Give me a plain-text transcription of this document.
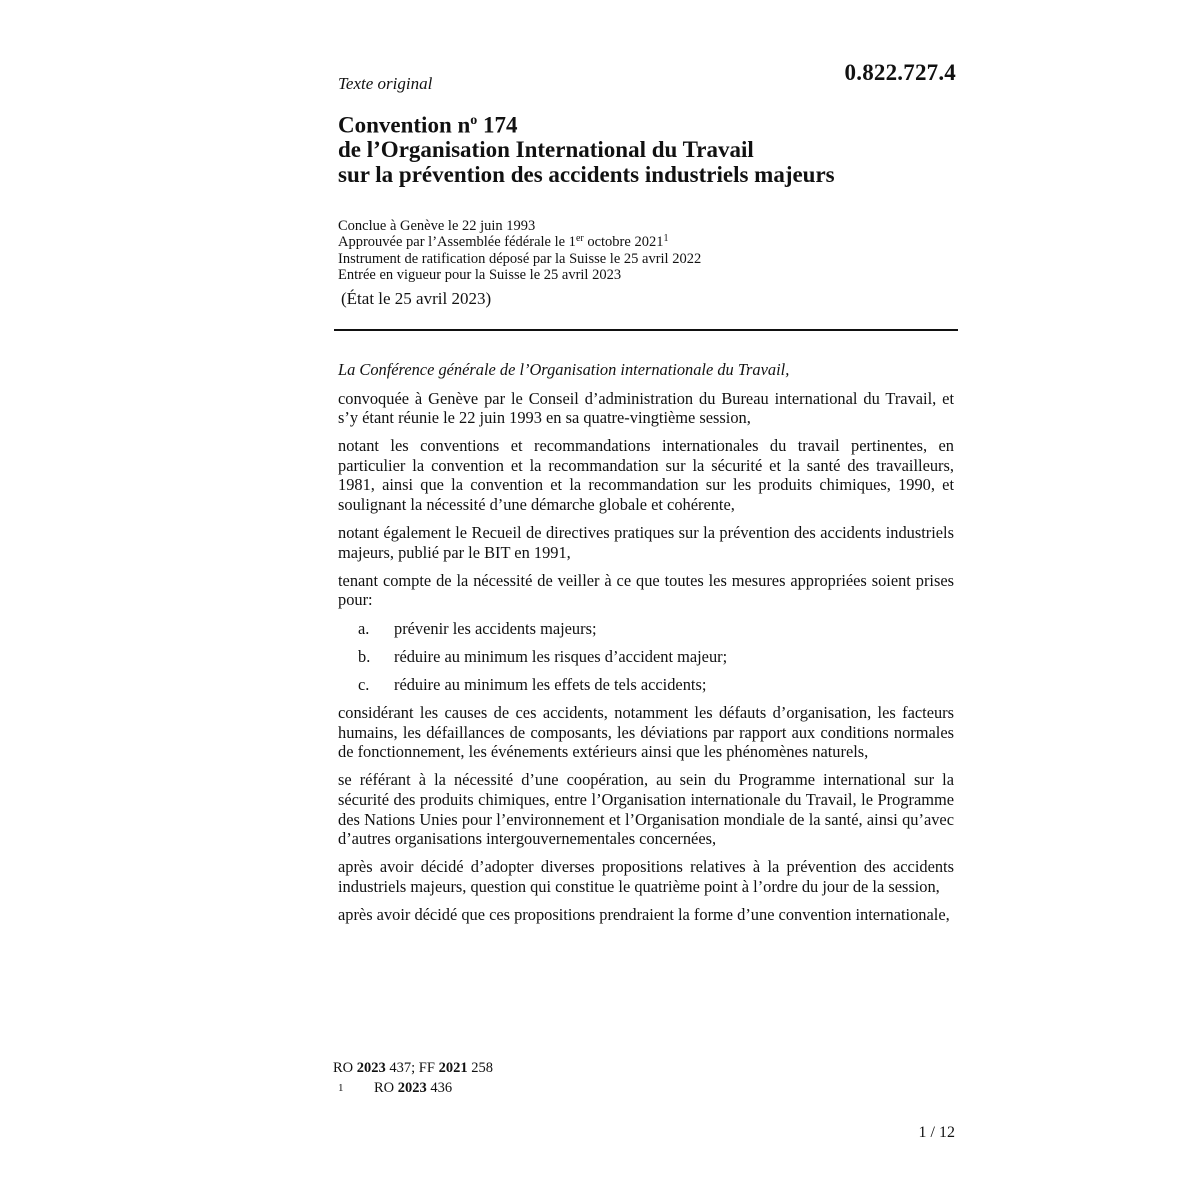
0.822.727.4
Texte original
Convention $n^o$ 174
de l’Organisation International du Travail
sur la prévention des accidents industriels majeurs
Conclue à Genève le 22 juin 1993
Approuvée par l’Assemblée fédérale le 1er octobre 2021$^1$
Instrument de ratification déposé par la Suisse le 25 avril 2022
Entrée en vigueur pour la Suisse le 25 avril 2023
(État le 25 avril 2023)

La Conférence générale de l’Organisation internationale du Travail,

convoquée à Genève par le Conseil d’administration du Bureau international du Travail, et s’y étant réunie le 22 juin 1993 en sa quatre-vingtième session,

notant les conventions et recommandations internationales du travail pertinentes, en particulier la convention et la recommandation sur la sécurité et la santé des travailleurs, 1981, ainsi que la convention et la recommandation sur les produits chimiques, 1990, et soulignant la nécessité d’une démarche globale et cohérente,

notant également le Recueil de directives pratiques sur la prévention des accidents industriels majeurs, publié par le BIT en 1991,

tenant compte de la nécessité de veiller à ce que toutes les mesures appropriées soient prises pour:

a.	prévenir les accidents majeurs;
b.	réduire au minimum les risques d’accident majeur;
c.	réduire au minimum les effets de tels accidents;

considérant les causes de ces accidents, notamment les défauts d’organisation, les facteurs humains, les défaillances de composants, les déviations par rapport aux conditions normales de fonctionnement, les événements extérieurs ainsi que les phénomènes naturels,

se référant à la nécessité d’une coopération, au sein du Programme international sur la sécurité des produits chimiques, entre l’Organisation internationale du Travail, le Programme des Nations Unies pour l’environnement et l’Organisation mondiale de la santé, ainsi qu’avec d’autres organisations intergouvernementales concernées,

après avoir décidé d’adopter diverses propositions relatives à la prévention des accidents industriels majeurs, question qui constitue le quatrième point à l’ordre du jour de la session,

après avoir décidé que ces propositions prendraient la forme d’une convention internationale,

RO 2023 437; FF 2021 258
1	RO 2023 436
1 / 12
